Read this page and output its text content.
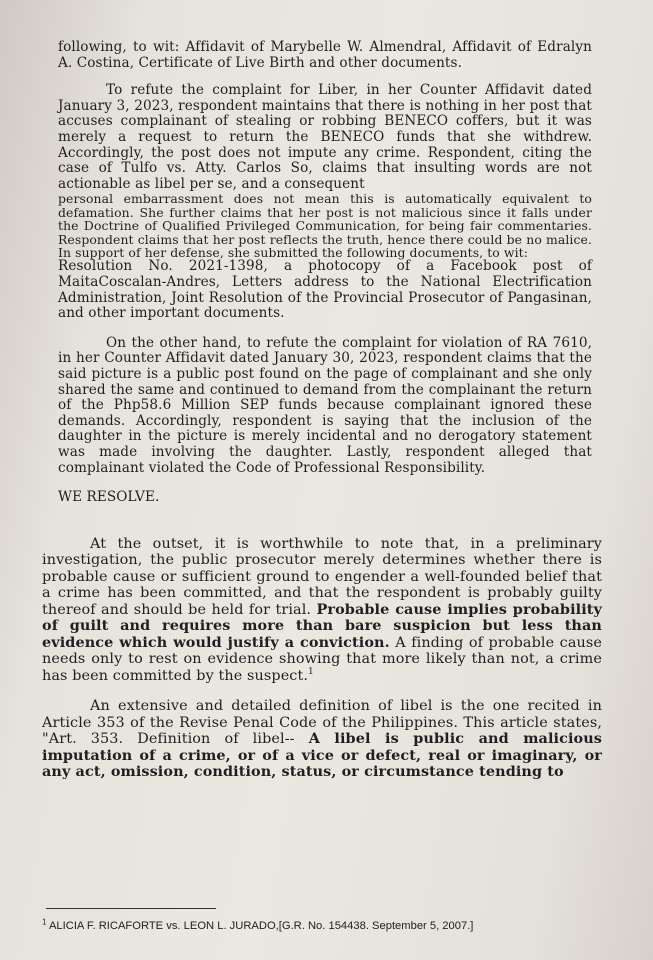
following, to wit: Affidavit of Marybelle W. Almendral, Affidavit of Edralyn A. Costina, Certificate of Live Birth and other documents.

To refute the complaint for Liber, in her Counter Affidavit dated January 3, 2023, respondent maintains that there is nothing in her post that accuses complainant of stealing or robbing BENECO coffers, but it was merely a request to return the BENECO funds that she withdrew. Accordingly, the post does not impute any crime. Respondent, citing the case of Tulfo vs. Atty. Carlos So, claims that insulting words are not actionable as libel per se, and a consequent

personal embarrassment does not mean this is automatically equivalent to defamation. She further claims that her post is not malicious since it falls under the Doctrine of Qualified Privileged Communication, for being fair commentaries. Respondent claims that her post reflects the truth, hence there could be no malice. In support of her defense, she submitted the following documents, to wit:

Resolution No. 2021-1398, a photocopy of a Facebook post of MaitaCoscalan-Andres, Letters address to the National Electrification Administration, Joint Resolution of the Provincial Prosecutor of Pangasinan, and other important documents.

On the other hand, to refute the complaint for violation of RA 7610, in her Counter Affidavit dated January 30, 2023, respondent claims that the said picture is a public post found on the page of complainant and she only shared the same and continued to demand from the complainant the return of the Php58.6 Million SEP funds because complainant ignored these demands. Accordingly, respondent is saying that the inclusion of the daughter in the picture is merely incidental and no derogatory statement was made involving the daughter. Lastly, respondent alleged that complainant violated the Code of Professional Responsibility.

WE RESOLVE.

At the outset, it is worthwhile to note that, in a preliminary investigation, the public prosecutor merely determines whether there is probable cause or sufficient ground to engender a well-founded belief that a crime has been committed, and that the respondent is probably guilty thereof and should be held for trial. Probable cause implies probability of guilt and requires more than bare suspicion but less than evidence which would justify a conviction. A finding of probable cause needs only to rest on evidence showing that more likely than not, a crime has been committed by the suspect.$^1$

An extensive and detailed definition of libel is the one recited in Article 353 of the Revise Penal Code of the Philippines. This article states, "Art. 353. Definition of libel-- A libel is public and malicious imputation of a crime, or of a vice or defect, real or imaginary, or any act, omission, condition, status, or circumstance tending to

$^1$ ALICIA F. RICAFORTE vs. LEON L. JURADO,[G.R. No. 154438. September 5, 2007.]
